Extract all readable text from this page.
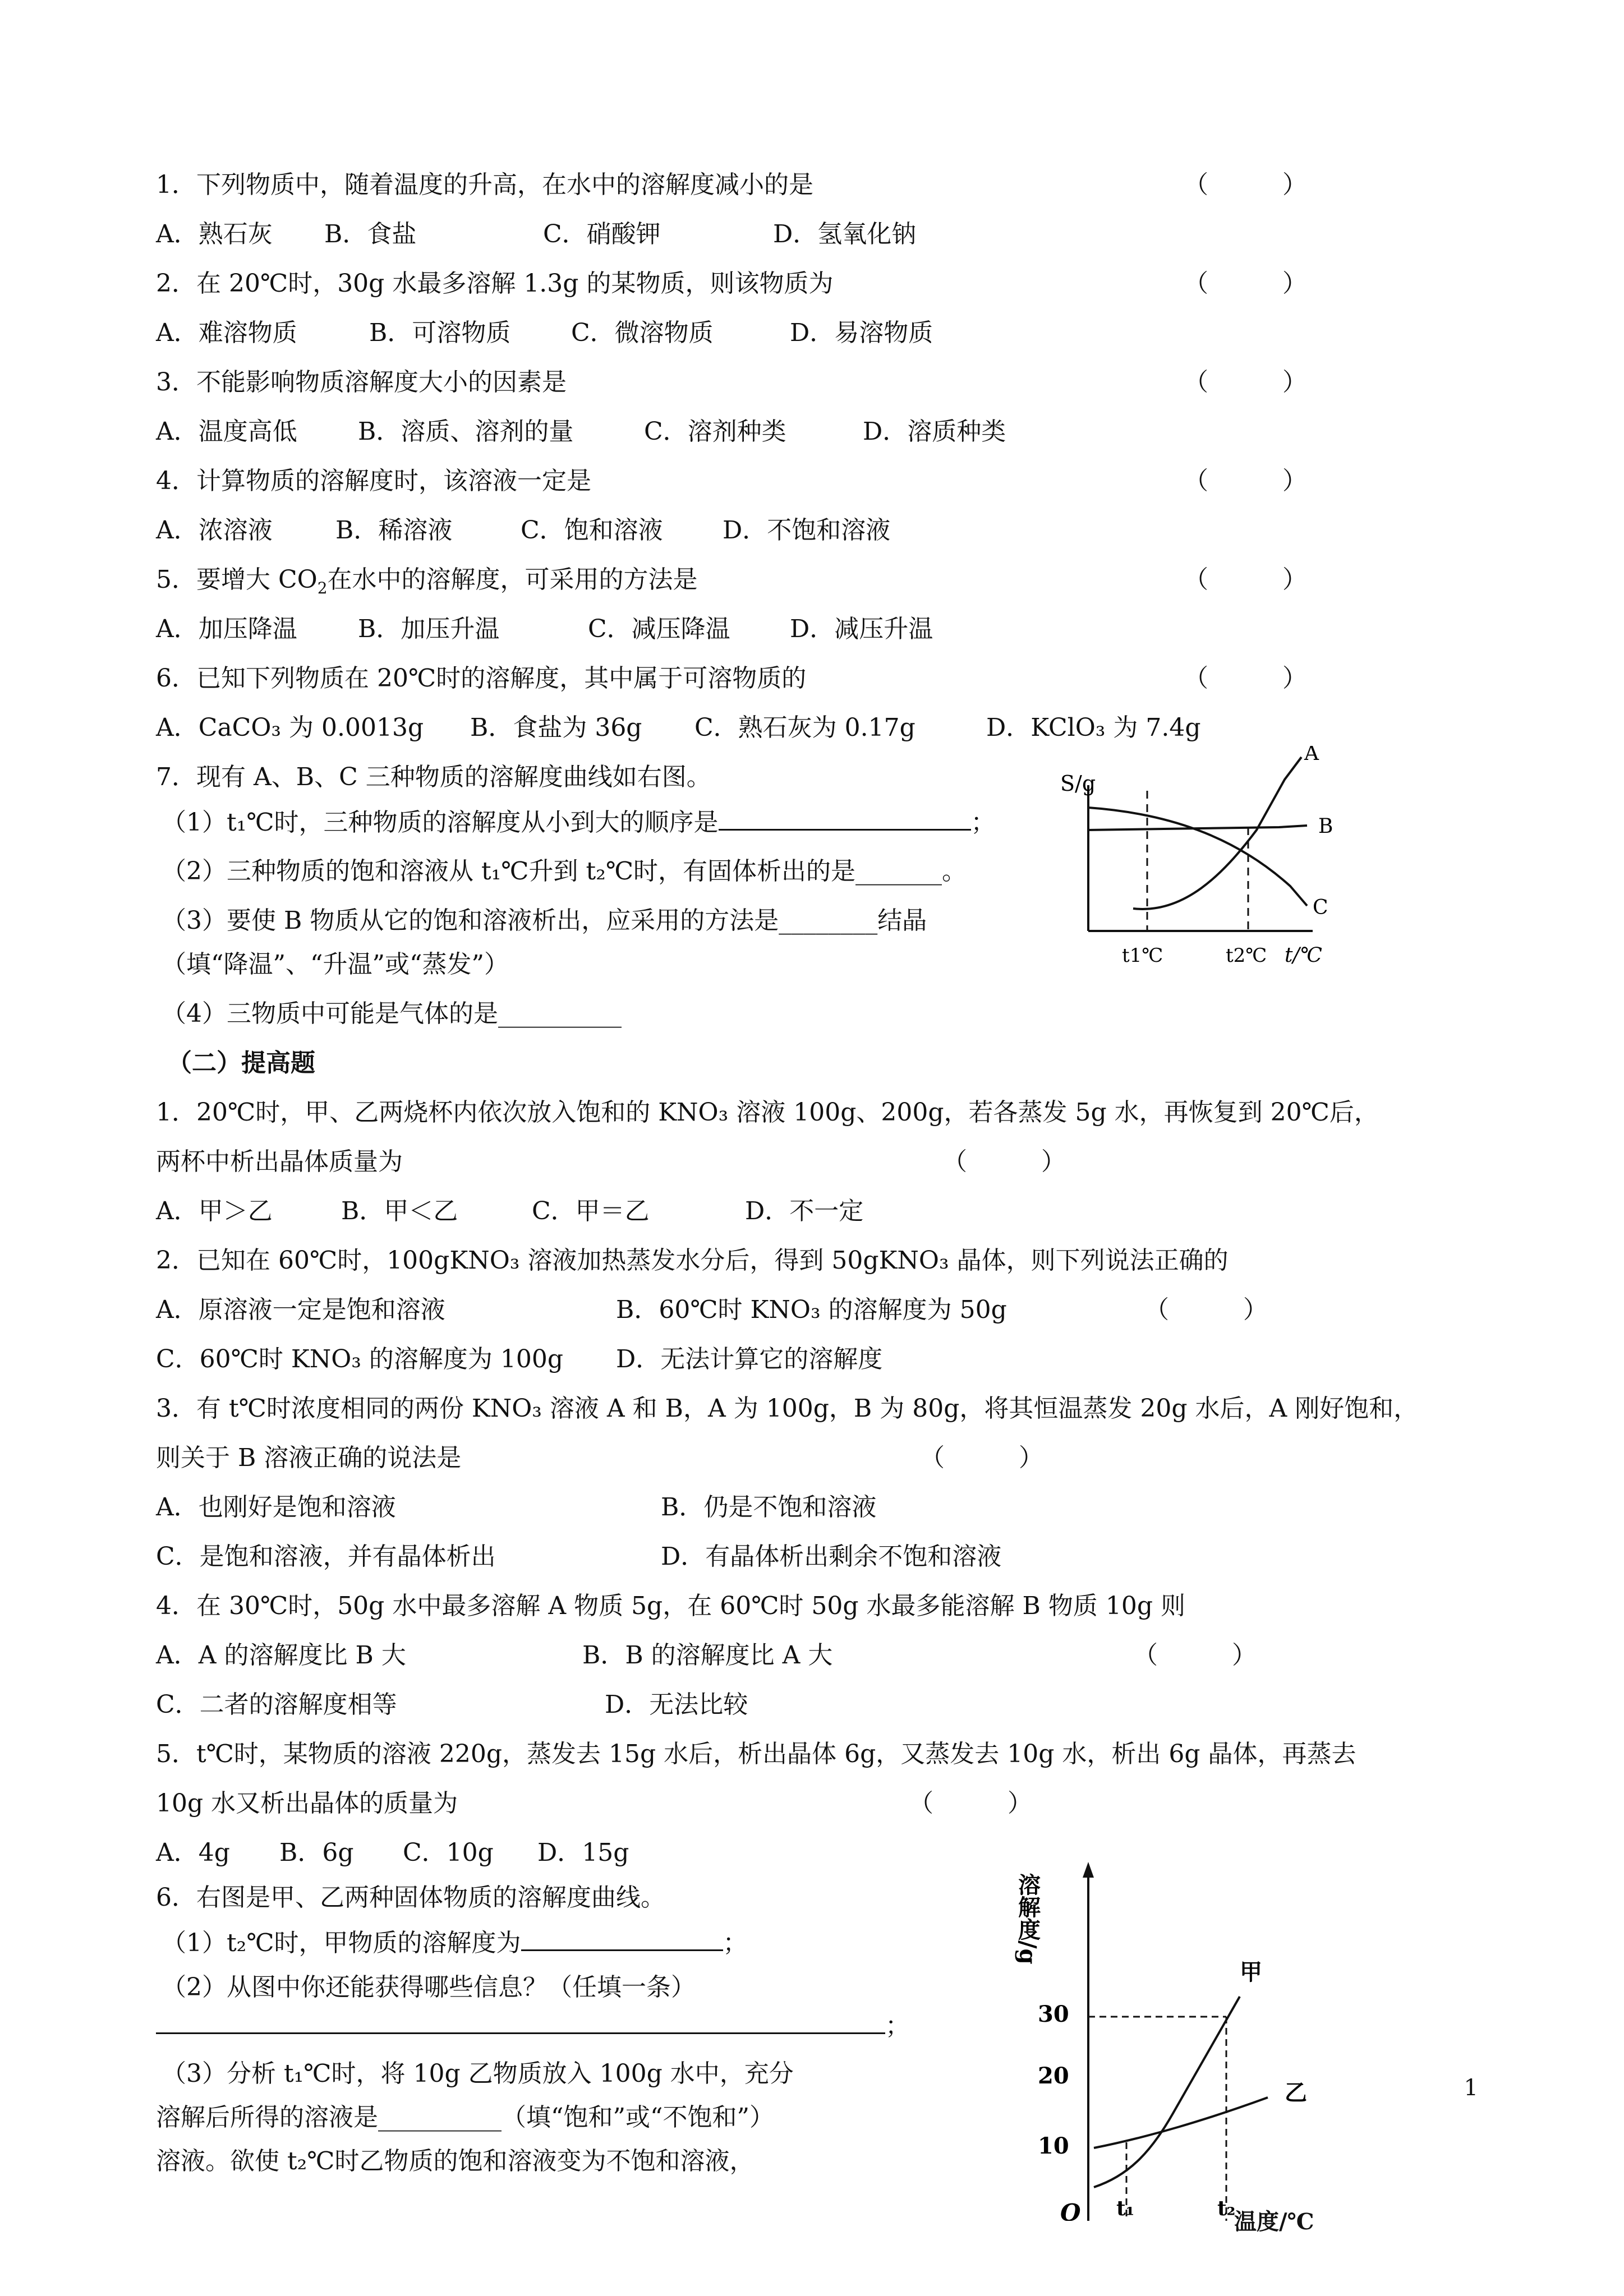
1．下列物质中，随着温度的升高，在水中的溶解度减小的是	（　　　）
A．熟石灰 B．食盐	C．硝酸钾	D．氢氧化钠
2．在 20℃时，30g 水最多溶解 1.3g 的某物质，则该物质为	（　　　）
A．难溶物质	B．可溶物质 C．微溶物质	D．易溶物质
3．不能影响物质溶解度大小的因素是	（　　　）
A．温度高低 B．溶质、溶剂的量	C．溶剂种类	D．溶质种类
4．计算物质的溶解度时，该溶液一定是	（　　　）
A．浓溶液	B．稀溶液	C．饱和溶液 D．不饱和溶液
5．要增大 $CO_2$在水中的溶解度，可采用的方法是	（　　　）
A．加压降温 B．加压升温	C．减压降温 D．减压升温
6．已知下列物质在 20℃时的溶解度，其中属于可溶物质的	（　　　）
A．CaCO₃ 为 0.0013g B．食盐为 36g C．熟石灰为 0.17g	D．KClO₃ 为 7.4g
7．现有 A、B、C 三种物质的溶解度曲线如右图。
（1）t₁℃时，三种物质的溶解度从小到大的顺序是	；
（2）三种物质的饱和溶液从 t₁℃升到 t₂℃时，有固体析出的是_______。
（3）要使 B 物质从它的饱和溶液析出，应采用的方法是________结晶
（填“降温”、“升温”或“蒸发”）
（4）三物质中可能是气体的是__________
S/g
A
B
C
t1℃	t2℃ t/℃
（二）提高题
1．20℃时，甲、乙两烧杯内依次放入饱和的 KNO₃ 溶液 100g、200g，若各蒸发 5g 水，再恢复到 20℃后，
两杯中析出晶体质量为	（　　　）
A．甲＞乙	B．甲＜乙	C．甲＝乙	D．不一定
2．已知在 60℃时，100gKNO₃ 溶液加热蒸发水分后，得到 50gKNO₃ 晶体，则下列说法正确的
A．原溶液一定是饱和溶液	B．60℃时 KNO₃ 的溶解度为 50g	（　　　）
C．60℃时 KNO₃ 的溶解度为 100g D．无法计算它的溶解度
3．有 t℃时浓度相同的两份 KNO₃ 溶液 A 和 B，A 为 100g，B 为 80g，将其恒温蒸发 20g 水后，A 刚好饱和，
则关于 B 溶液正确的说法是	（　　　）
A．也刚好是饱和溶液	B．仍是不饱和溶液
C．是饱和溶液，并有晶体析出	D．有晶体析出剩余不饱和溶液
4．在 30℃时，50g 水中最多溶解 A 物质 5g，在 60℃时 50g 水最多能溶解 B 物质 10g 则
A．A 的溶解度比 B 大	B．B 的溶解度比 A 大	（　　　）
C．二者的溶解度相等	D．无法比较
5．t℃时，某物质的溶液 220g，蒸发去 15g 水后，析出晶体 6g，又蒸发去 10g 水，析出 6g 晶体，再蒸去
10g 水又析出晶体的质量为	（　　　）
A．4g B．6g C．10g D．15g
6．右图是甲、乙两种固体物质的溶解度曲线。
（1）t₂℃时，甲物质的溶解度为	；
（2）从图中你还能获得哪些信息？（任填一条）
；
（3）分析 t₁℃时，将 10g 乙物质放入 100g 水中，充分
溶解后所得的溶液是__________（填“饱和”或“不饱和”）
溶液。欲使 t₂℃时乙物质的饱和溶液变为不饱和溶液，
溶解度/g
30
20
10
O
甲
乙
t₁	t₂
温度/℃
1
